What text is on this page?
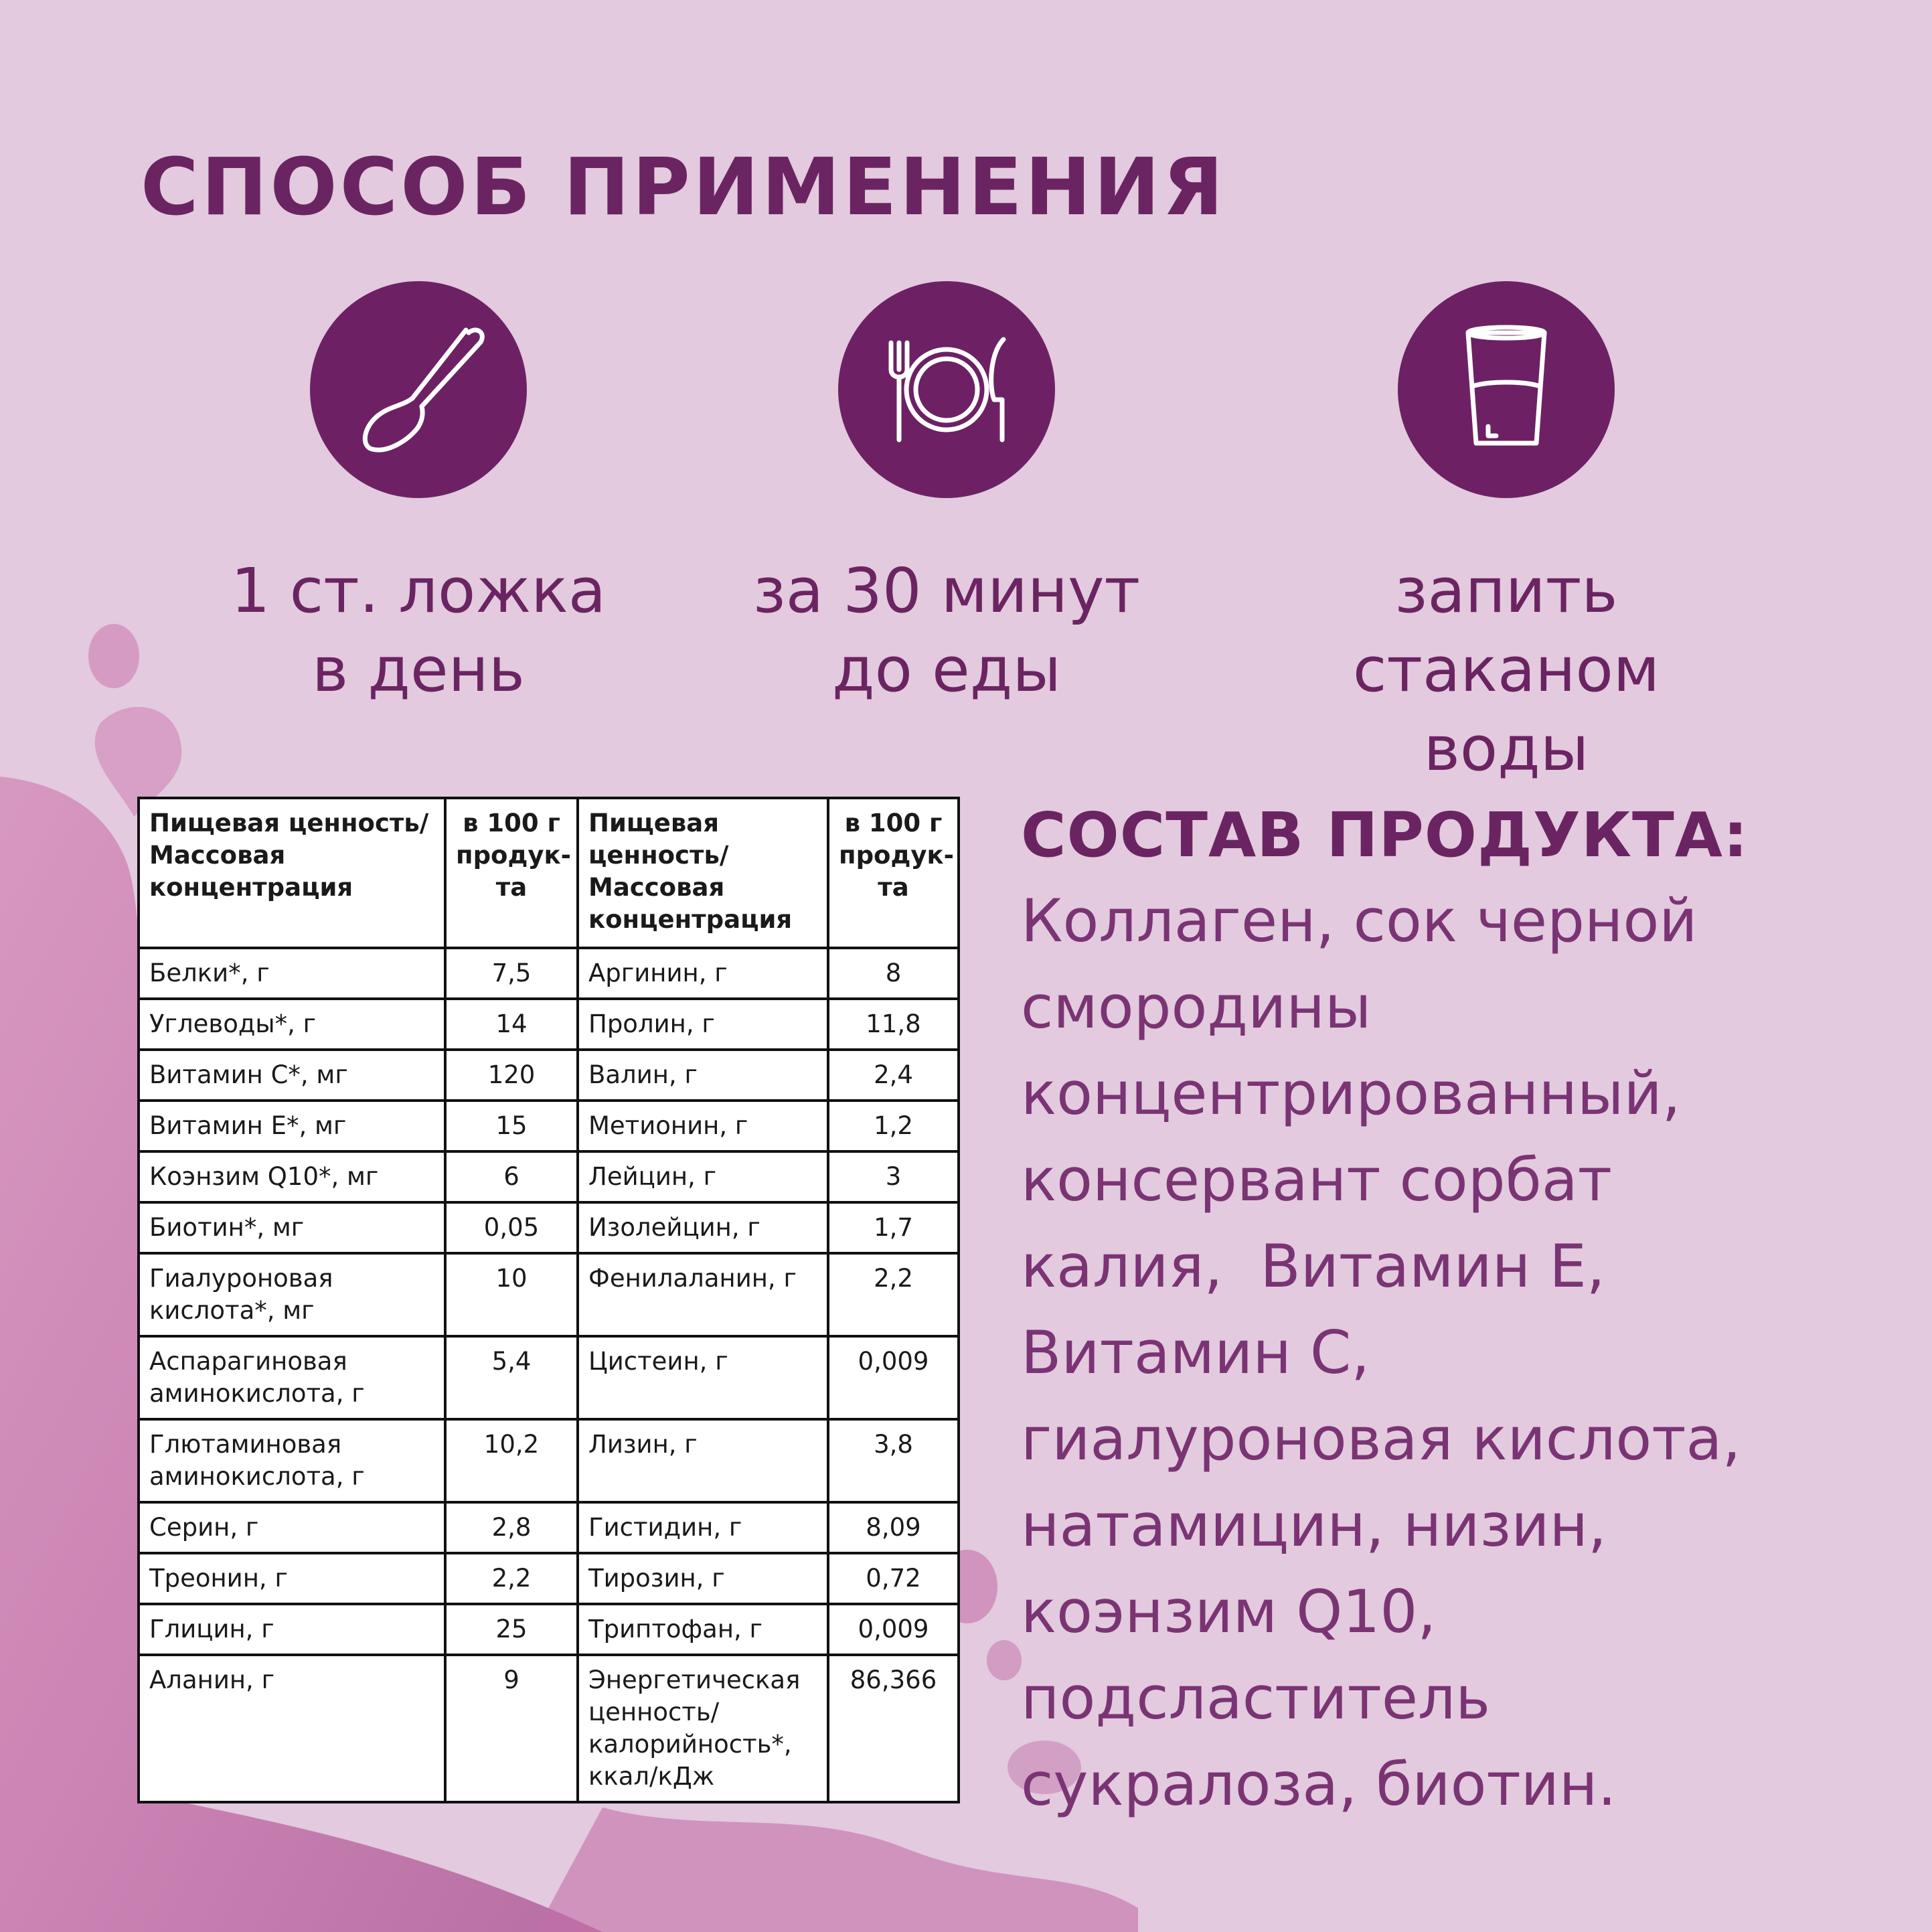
СПОСОБ ПРИМЕНЕНИЯ
1 ст. ложка
в день
за 30 минут
до еды
запить
стаканом воды
Пищевая ценность/ Массовая концентрация	в 100 г продук-та	Пищевая ценность/ Массовая концентрация	в 100 г продук-та
Белки*, г	7,5	Аргинин, г	8
Углеводы*, г	14	Пролин, г	11,8
Витамин С*, мг	120	Валин, г	2,4
Витамин Е*, мг	15	Метионин, г	1,2
Коэнзим Q10*, мг	6	Лейцин, г	3
Биотин*, мг	0,05	Изолейцин, г	1,7
Гиалуроновая кислота*, мг	10	Фенилаланин, г	2,2
Аспарагиновая аминокислота, г	5,4	Цистеин, г	0,009
Глютаминовая аминокислота, г	10,2	Лизин, г	3,8
Серин, г	2,8	Гистидин, г	8,09
Треонин, г	2,2	Тирозин, г	0,72
Глицин, г	25	Триптофан, г	0,009
Аланин, г	9	Энергетическая ценность/ калорийность*, ккал/кДж	86,366
СОСТАВ ПРОДУКТА:
Коллаген, сок черной
смородины
концентрированный,
консервант сорбат
калия,  Витамин Е,
Витамин С,
гиалуроновая кислота,
натамицин, низин,
коэнзим Q10,
подсластитель
сукралоза, биотин.
